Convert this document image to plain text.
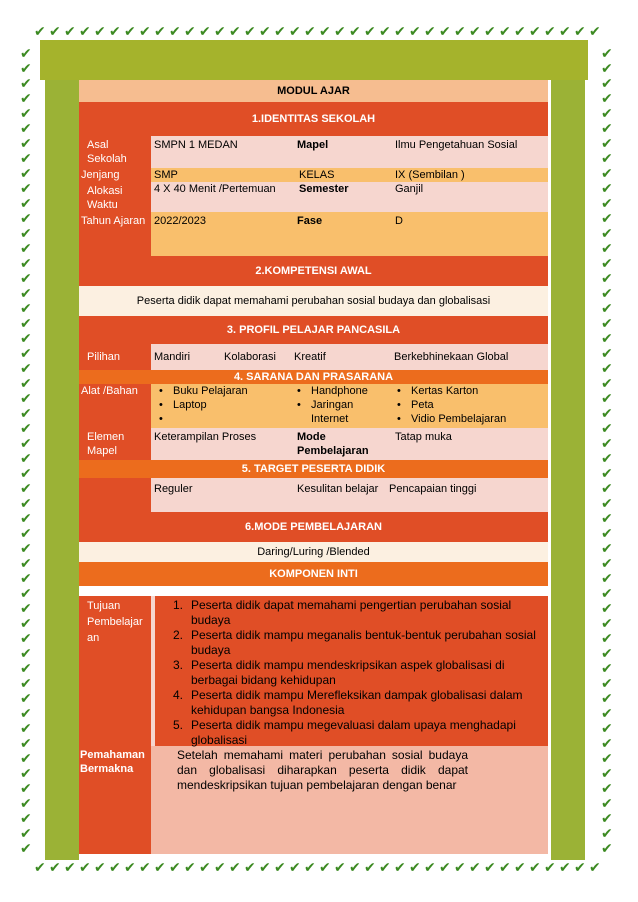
✔
✔
✔
✔
✔
✔
✔
✔
✔
✔
✔
✔
✔
✔
✔
✔
✔
✔
✔
✔
✔
✔
✔
✔
✔
✔
✔
✔
✔
✔
✔
✔
✔
✔
✔
✔
✔
✔
✔
✔
✔
✔
✔
✔
✔
✔
✔
✔
✔
✔
✔
✔
✔
✔
✔
✔
✔
✔
✔
✔
✔
✔
✔
✔
✔
✔
✔
✔
✔
✔
✔
✔
✔
✔
✔
✔
✔	✔
✔	✔
✔	✔
✔	✔
✔	✔
✔	✔
✔	✔
✔	✔
✔	✔
✔	✔
✔	✔
✔	✔
✔	✔
✔	✔
✔	✔
✔	✔
✔	✔
✔	✔
✔	✔
✔	✔
✔	✔
✔	✔
✔	✔
✔	✔
✔	✔
✔	✔
✔	✔
✔	✔
✔	✔
✔	✔
✔	✔
✔	✔
✔	✔
✔	✔
✔	✔
✔	✔
✔	✔
✔	✔
✔	✔
✔	✔
✔	✔
✔	✔
✔	✔
✔	✔
✔	✔
✔	✔
✔	✔
✔	✔
✔	✔
✔	✔
✔	✔
✔	✔
✔	✔
✔	✔
MODUL AJAR
1.IDENTITAS SEKOLAH
Asal Sekolah
SMPN 1 MEDAN	Mapel	Ilmu Pengetahuan Sosial
Jenjang	SMP	KELAS	IX (Sembilan )
Alokasi Waktu
4 X 40 Menit /Pertemuan	Semester	Ganjil
Tahun Ajaran 2022/2023	Fase	D
2.KOMPETENSI AWAL
Peserta didik dapat memahami perubahan sosial budaya dan globalisasi
3. PROFIL PELAJAR PANCASILA
Pilihan	Mandiri	Kolaborasi	Kreatif	Berkebhinekaan Global
4. SARANA DAN PRASARANA
Alat /Bahan
•	Buku Pelajaran
• Laptop
• Handphone
• Jaringan Internet
• Kertas Karton
• Peta
• Vidio Pembelajaran
Elemen Mapel
Keterampilan Proses	Mode Pembelajaran
Tatap muka
5. TARGET PESERTA DIDIK
Reguler	Kesulitan belajar Pencapaian tinggi
6.MODE PEMBELAJARAN
Daring/Luring /Blended
KOMPONEN INTI
Tujuan Pembelajar an
1. Peserta didik dapat memahami pengertian perubahan sosial budaya
2. Peserta didik mampu meganalis bentuk-bentuk perubahan sosial budaya
3. Peserta didik mampu mendeskripsikan aspek globalisasi di berbagai bidang kehidupan
4. Peserta didik mampu Merefleksikan dampak globalisasi dalam kehidupan bangsa Indonesia
5. Peserta didik mampu megevaluasi dalam upaya menghadapi globalisasi
Pemahaman Bermakna
Setelah memahami materi perubahan sosial budaya dan globalisasi diharapkan peserta didik dapat mendeskripsikan tujuan pembelajaran dengan benar
